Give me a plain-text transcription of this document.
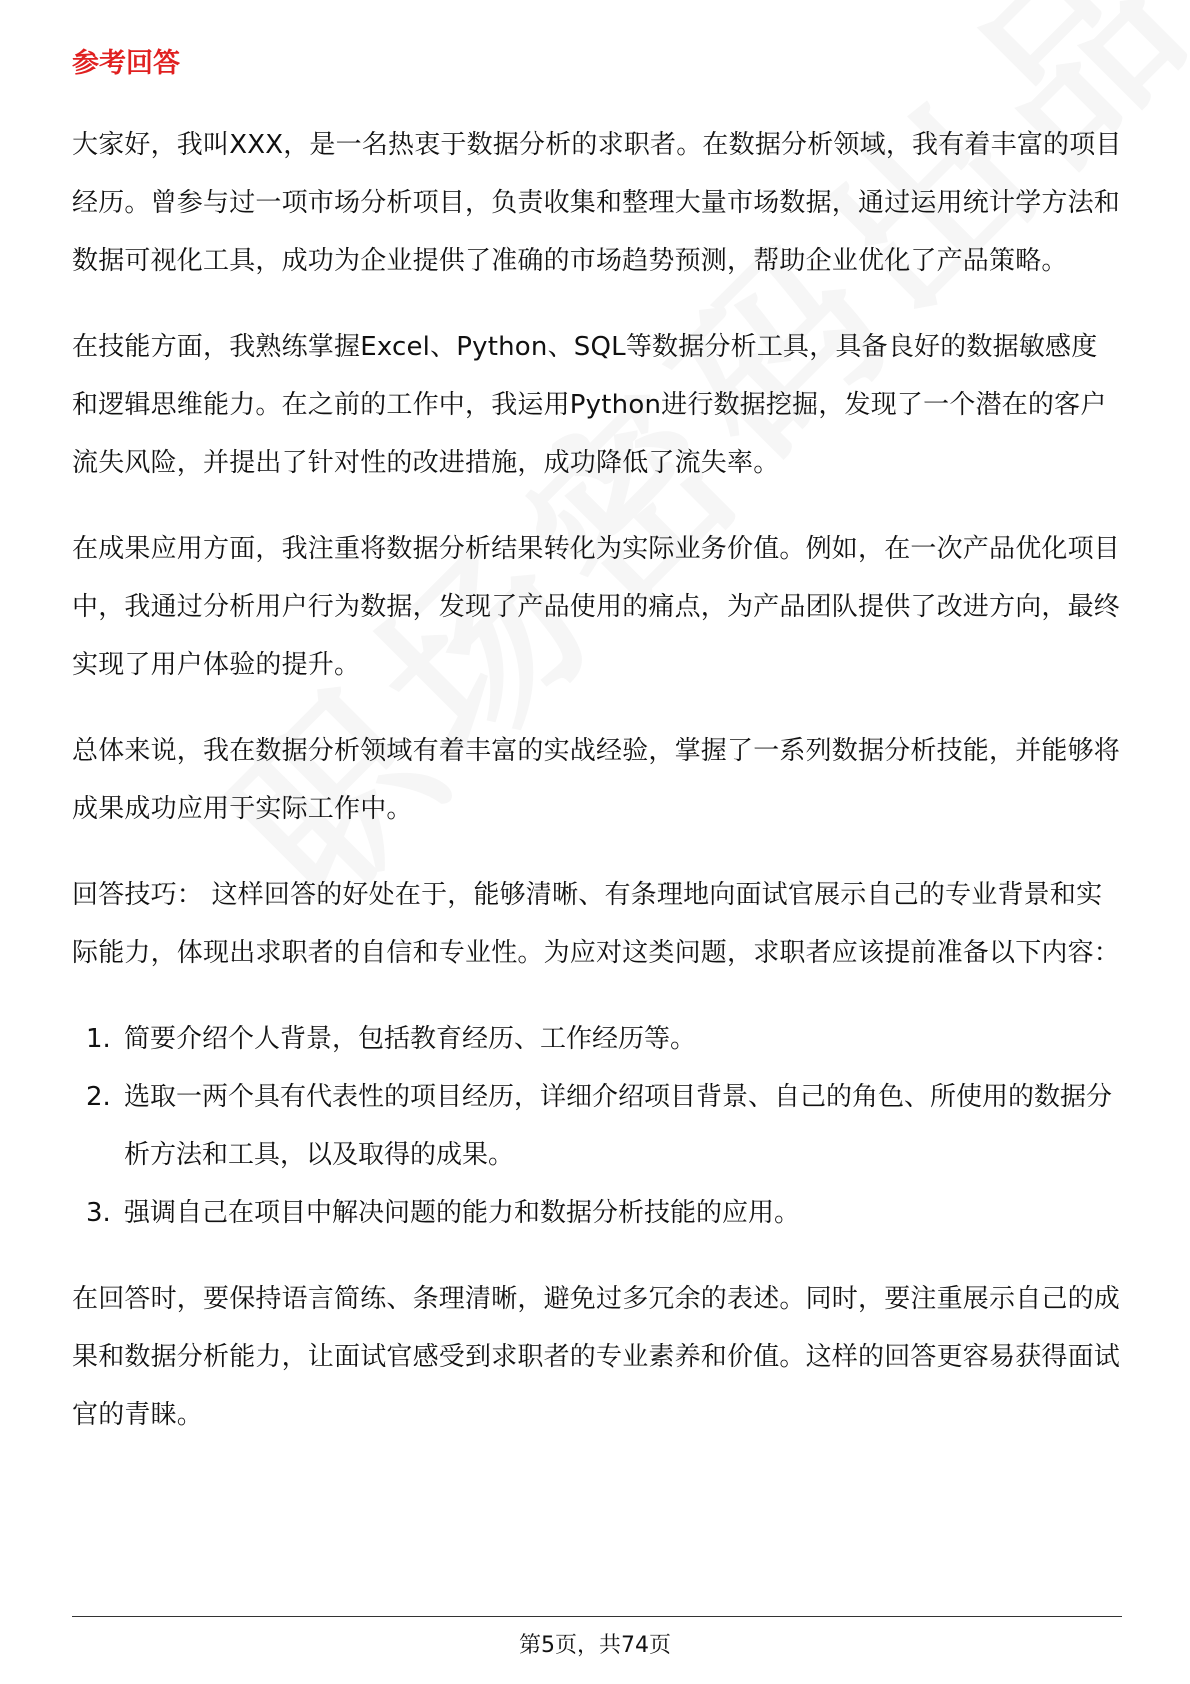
参考回答

大家好，我叫XXX，是一名热衷于数据分析的求职者。在数据分析领域，我有着丰富的项目经历。曾参与过一项市场分析项目，负责收集和整理大量市场数据，通过运用统计学方法和数据可视化工具，成功为企业提供了准确的市场趋势预测，帮助企业优化了产品策略。

在技能方面，我熟练掌握Excel、Python、SQL等数据分析工具，具备良好的数据敏感度和逻辑思维能力。在之前的工作中，我运用Python进行数据挖掘，发现了一个潜在的客户流失风险，并提出了针对性的改进措施，成功降低了流失率。

在成果应用方面，我注重将数据分析结果转化为实际业务价值。例如，在一次产品优化项目中，我通过分析用户行为数据，发现了产品使用的痛点，为产品团队提供了改进方向，最终实现了用户体验的提升。

总体来说，我在数据分析领域有着丰富的实战经验，掌握了一系列数据分析技能，并能够将成果成功应用于实际工作中。

回答技巧： 这样回答的好处在于，能够清晰、有条理地向面试官展示自己的专业背景和实际能力，体现出求职者的自信和专业性。为应对这类问题，求职者应该提前准备以下内容：

1. 简要介绍个人背景，包括教育经历、工作经历等。
2. 选取一两个具有代表性的项目经历，详细介绍项目背景、自己的角色、所使用的数据分析方法和工具，以及取得的成果。
3. 强调自己在项目中解决问题的能力和数据分析技能的应用。

在回答时，要保持语言简练、条理清晰，避免过多冗余的表述。同时，要注重展示自己的成果和数据分析能力，让面试官感受到求职者的专业素养和价值。这样的回答更容易获得面试官的青睐。

第5页，共74页
